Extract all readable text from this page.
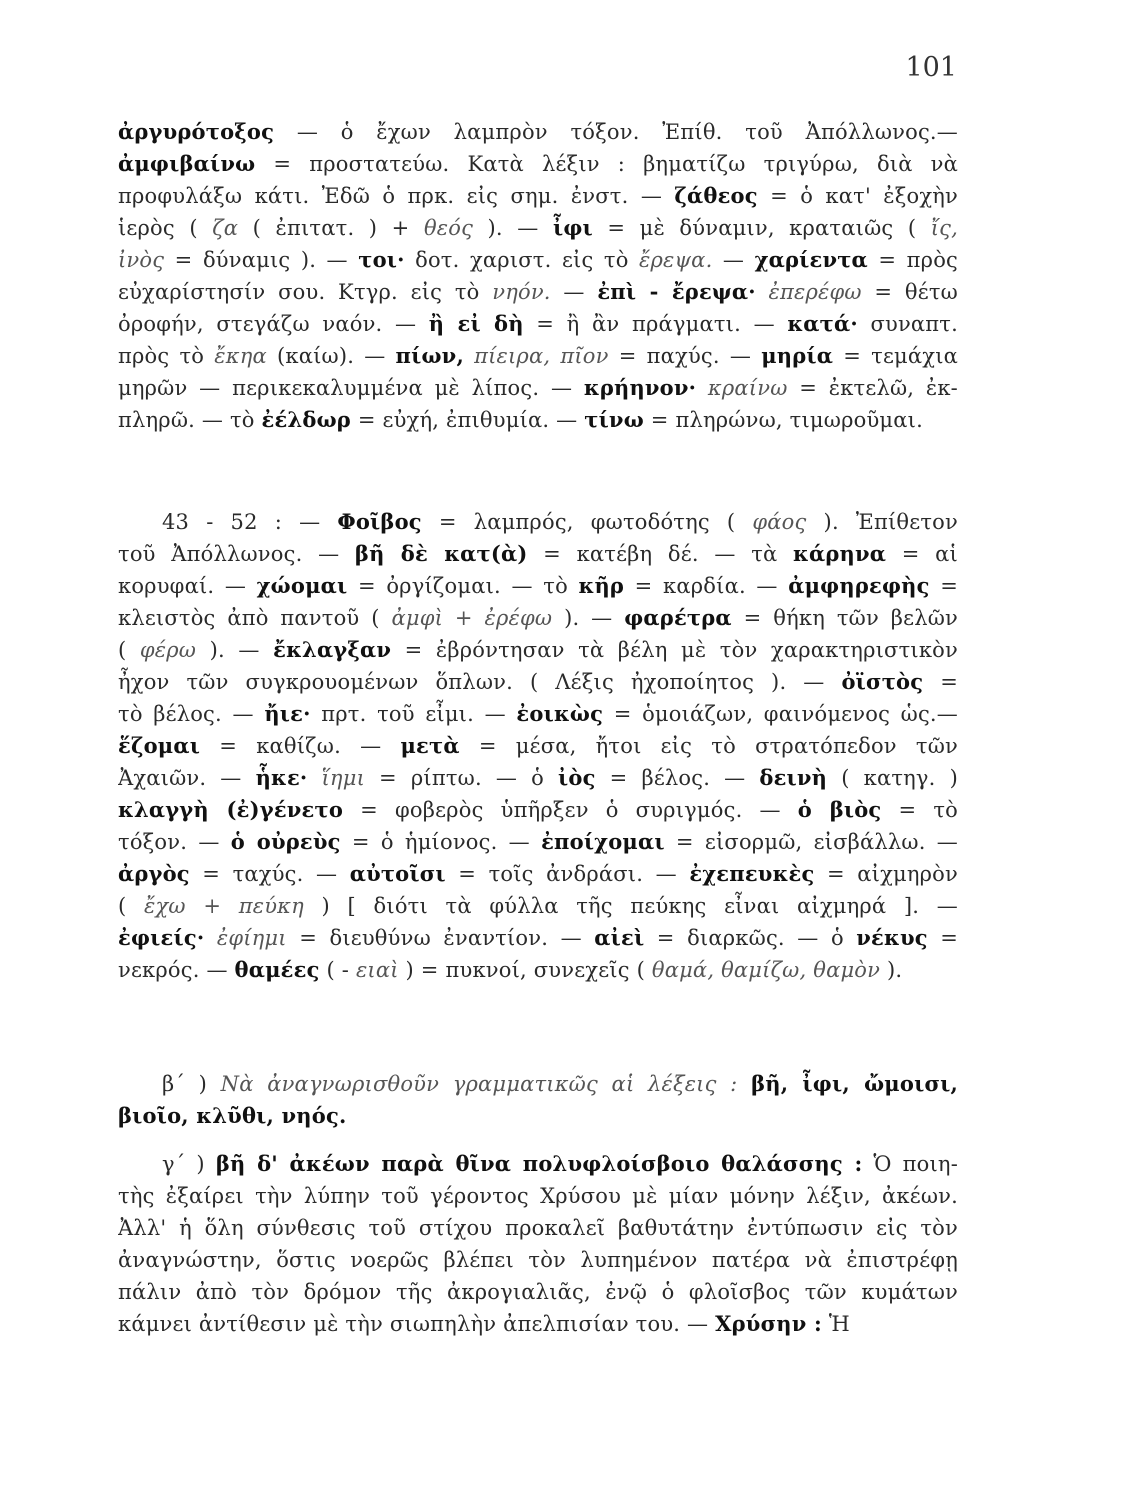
101
ἀργυρότοξος — ὁ ἔχων λαμπρὸν τόξον. Ἐπίθ. τοῦ Ἀπόλλωνος.—
ἀμφιβαίνω = προστατεύω. Κατὰ λέξιν : βηματίζω τριγύρω, διὰ νὰ
προφυλάξω κάτι. Ἐδῶ ὁ πρκ. εἰς σημ. ἐνστ. — ζάθεος = ὁ κατ' ἐξοχὴν
ἱερὸς ( ζα ( ἐπιτατ. ) + θεός ). — ἶφι = μὲ δύναμιν, κραταιῶς ( ἴς,
ἰνὸς = δύναμις ). — τοι· δοτ. χαριστ. εἰς τὸ ἔρεψα. — χαρίεντα = πρὸς
εὐχαρίστησίν σου. Κτγρ. εἰς τὸ νηόν. — ἐπὶ - ἔρεψα· ἐπερέφω = θέτω
ὀροφήν, στεγάζω ναόν. — ἢ εἰ δὴ = ἢ ἂν πράγματι. — κατά· συναπτ.
πρὸς τὸ ἔκηα (καίω). — πίων, πίειρα, πῖον = παχύς. — μηρία = τεμάχια
μηρῶν — περικεκαλυμμένα μὲ λίπος. — κρήηνον· κραίνω = ἐκτελῶ, ἐκ-
πληρῶ. — τὸ ἐέλδωρ = εὐχή, ἐπιθυμία. — τίνω = πληρώνω, τιμωροῦμαι.
43 - 52 : — Φοῖβος = λαμπρός, φωτοδότης ( φάος ). Ἐπίθετον
τοῦ Ἀπόλλωνος. — βῆ δὲ κατ(ὰ) = κατέβη δέ. — τὰ κάρηνα = αἱ
κορυφαί. — χώομαι = ὀργίζομαι. — τὸ κῆρ = καρδία. — ἀμφηρεφὴς =
κλειστὸς ἀπὸ παντοῦ ( ἀμφὶ + ἐρέφω ). — φαρέτρα = θήκη τῶν βελῶν
( φέρω ). — ἔκλαγξαν = ἐβρόντησαν τὰ βέλη μὲ τὸν χαρακτηριστικὸν
ἦχον τῶν συγκρουομένων ὅπλων. ( Λέξις ἠχοποίητος ). — ὀϊστὸς =
τὸ βέλος. — ἤιε· πρτ. τοῦ εἶμι. — ἐοικὼς = ὁμοιάζων, φαινόμενος ὡς.—
ἕζομαι = καθίζω. — μετὰ = μέσα, ἤτοι εἰς τὸ στρατόπεδον τῶν
Ἀχαιῶν. — ἧκε· ἵημι = ρίπτω. — ὁ ἰὸς = βέλος. — δεινὴ ( κατηγ. )
κλαγγὴ (ἐ)γένετο = φοβερὸς ὑπῆρξεν ὁ συριγμός. — ὁ βιὸς = τὸ
τόξον. — ὁ οὐρεὺς = ὁ ἡμίονος. — ἐποίχομαι = εἰσορμῶ, εἰσβάλλω. —
ἀργὸς = ταχύς. — αὐτοῖσι = τοῖς ἀνδράσι. — ἐχεπευκὲς = αἰχμηρὸν
( ἔχω + πεύκη ) [ διότι τὰ φύλλα τῆς πεύκης εἶναι αἰχμηρά ]. —
ἐφιείς· ἐφίημι = διευθύνω ἐναντίον. — αἰεὶ = διαρκῶς. — ὁ νέκυς =
νεκρός. — θαμέες ( - ειαὶ ) = πυκνοί, συνεχεῖς ( θαμά, θαμίζω, θαμὸν ).
β΄ ) Νὰ ἀναγνωρισθοῦν γραμματικῶς αἱ λέξεις : βῆ, ἶφι, ὤμοισι,
βιοῖο, κλῦθι, νηός.
γ΄ ) βῆ δ' ἀκέων παρὰ θῖνα πολυφλοίσβοιο θαλάσσης : Ὁ ποιη-
τὴς ἐξαίρει τὴν λύπην τοῦ γέροντος Χρύσου μὲ μίαν μόνην λέξιν, ἀκέων.
Ἀλλ' ἡ ὅλη σύνθεσις τοῦ στίχου προκαλεῖ βαθυτάτην ἐντύπωσιν εἰς τὸν
ἀναγνώστην, ὅστις νοερῶς βλέπει τὸν λυπημένον πατέρα νὰ ἐπιστρέφῃ
πάλιν ἀπὸ τὸν δρόμον τῆς ἀκρογιαλιᾶς, ἐνῷ ὁ φλοῖσβος τῶν κυμάτων
κάμνει ἀντίθεσιν μὲ τὴν σιωπηλὴν ἀπελπισίαν του. — Χρύσην : Ἡ
